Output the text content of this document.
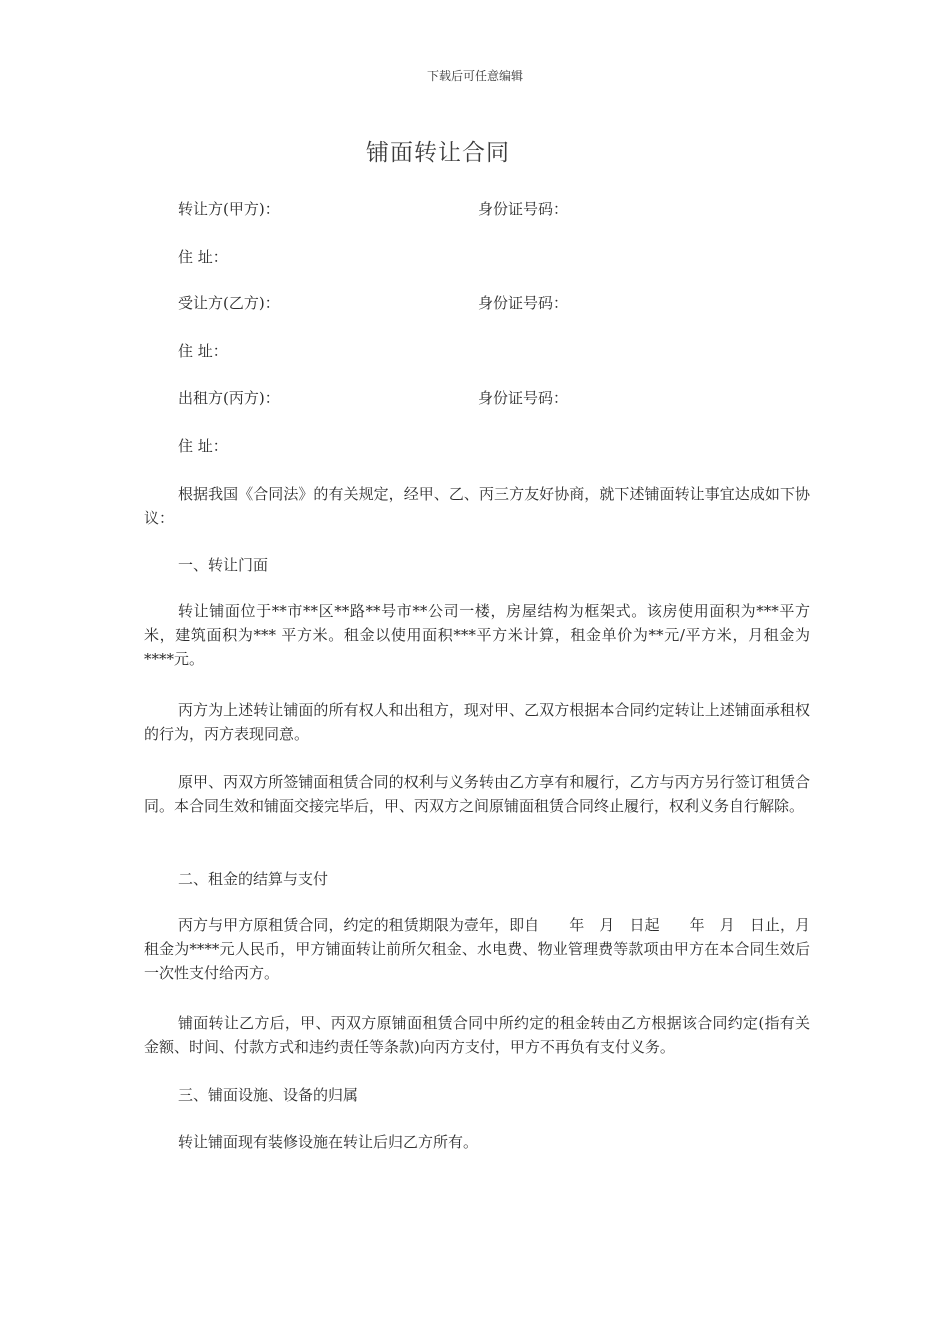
下载后可任意编辑
铺面转让合同
转让方(甲方)：	身份证号码：
住 址：
受让方(乙方)：	身份证号码：
住 址：
出租方(丙方)：	身份证号码：
住 址：

根据我国《合同法》的有关规定，经甲、乙、丙三方友好协商，就下述铺面转让事宜达成如下协议：

一、转让门面

转让铺面位于**市**区**路**号市**公司一楼，房屋结构为框架式。该房使用面积为***平方米，建筑面积为*** 平方米。租金以使用面积***平方米计算，租金单价为**元/平方米，月租金为****元。

丙方为上述转让铺面的所有权人和出租方，现对甲、乙双方根据本合同约定转让上述铺面承租权的行为，丙方表现同意。

原甲、丙双方所签铺面租赁合同的权利与义务转由乙方享有和履行，乙方与丙方另行签订租赁合同。本合同生效和铺面交接完毕后，甲、丙双方之间原铺面租赁合同终止履行，权利义务自行解除。

二、租金的结算与支付

丙方与甲方原租赁合同，约定的租赁期限为壹年，即自　　年　月　日起　　年　月　日止，月租金为****元人民币，甲方铺面转让前所欠租金、水电费、物业管理费等款项由甲方在本合同生效后一次性支付给丙方。

铺面转让乙方后，甲、丙双方原铺面租赁合同中所约定的租金转由乙方根据该合同约定(指有关金额、时间、付款方式和违约责任等条款)向丙方支付，甲方不再负有支付义务。

三、铺面设施、设备的归属

转让铺面现有装修设施在转让后归乙方所有。
